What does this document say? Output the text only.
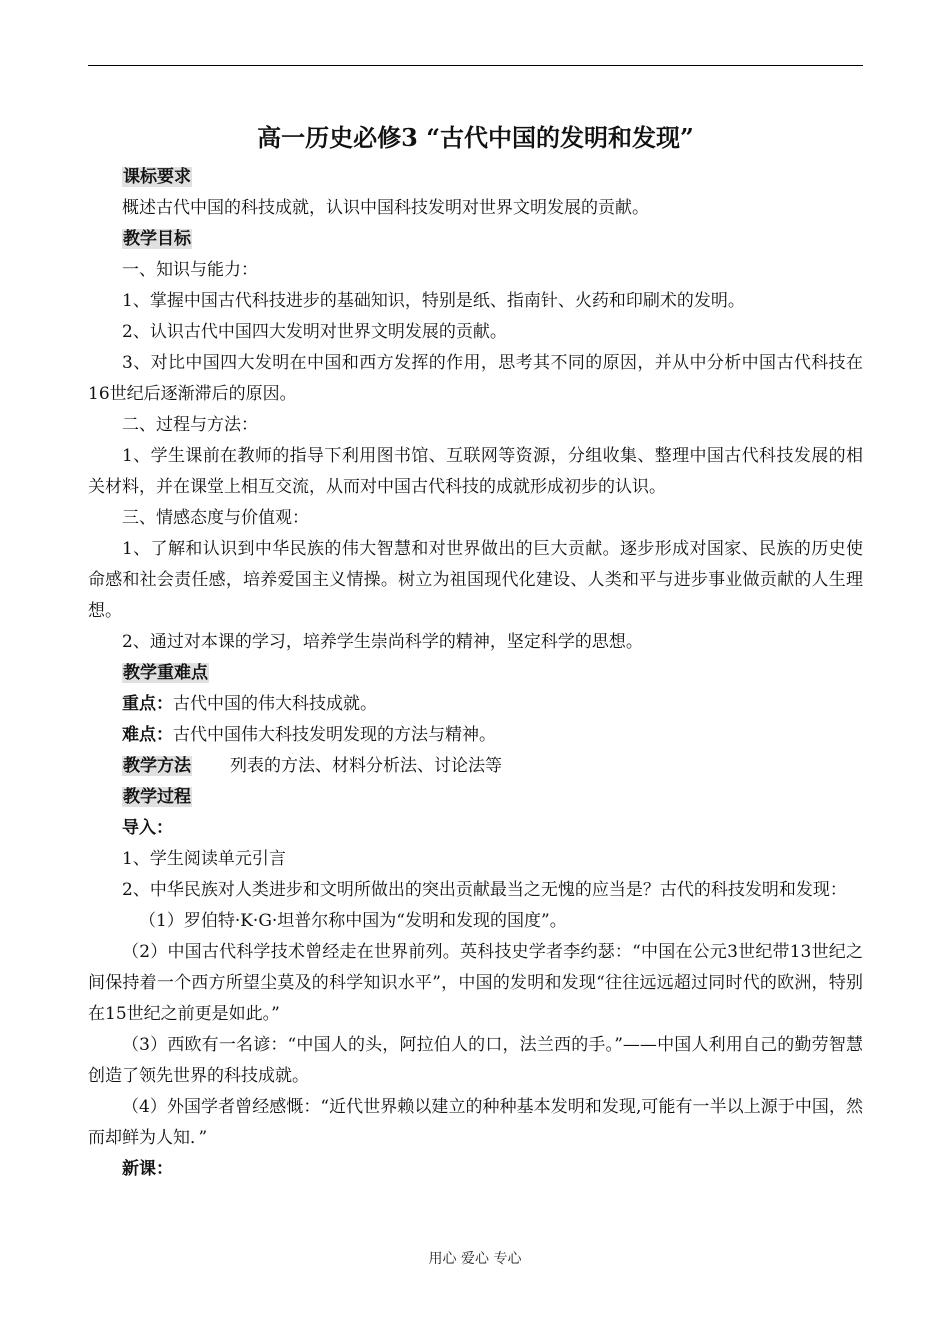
高一历史必修3 “古代中国的发明和发现”

课标要求

概述古代中国的科技成就，认识中国科技发明对世界文明发展的贡献。

教学目标

一、知识与能力：

1、掌握中国古代科技进步的基础知识，特别是纸、指南针、火药和印刷术的发明。

2、认识古代中国四大发明对世界文明发展的贡献。

3、对比中国四大发明在中国和西方发挥的作用，思考其不同的原因，并从中分析中国古代科技在16世纪后逐渐滞后的原因。

二、过程与方法：

1、学生课前在教师的指导下利用图书馆、互联网等资源，分组收集、整理中国古代科技发展的相关材料，并在课堂上相互交流，从而对中国古代科技的成就形成初步的认识。

三、情感态度与价值观：

1、了解和认识到中华民族的伟大智慧和对世界做出的巨大贡献。逐步形成对国家、民族的历史使命感和社会责任感，培养爱国主义情操。树立为祖国现代化建设、人类和平与进步事业做贡献的人生理想。

2、通过对本课的学习，培养学生崇尚科学的精神，坚定科学的思想。

教学重难点

重点：古代中国的伟大科技成就。

难点：古代中国伟大科技发明发现的方法与精神。

教学方法 列表的方法、材料分析法、讨论法等

教学过程

导入：

1、学生阅读单元引言

2、中华民族对人类进步和文明所做出的突出贡献最当之无愧的应当是？古代的科技发明和发现：

（1）罗伯特·K·G·坦普尔称中国为“发明和发现的国度”。

（2）中国古代科学技术曾经走在世界前列。英科技史学者李约瑟：“中国在公元3世纪带13世纪之间保持着一个西方所望尘莫及的科学知识水平”，中国的发明和发现“往往远远超过同时代的欧洲，特别在15世纪之前更是如此。”

（3）西欧有一名谚：“中国人的头，阿拉伯人的口，法兰西的手。”——中国人利用自己的勤劳智慧创造了领先世界的科技成就。

（4）外国学者曾经感慨：“近代世界赖以建立的种种基本发明和发现,可能有一半以上源于中国，然而却鲜为人知．”

新课：

用心 爱心 专心
